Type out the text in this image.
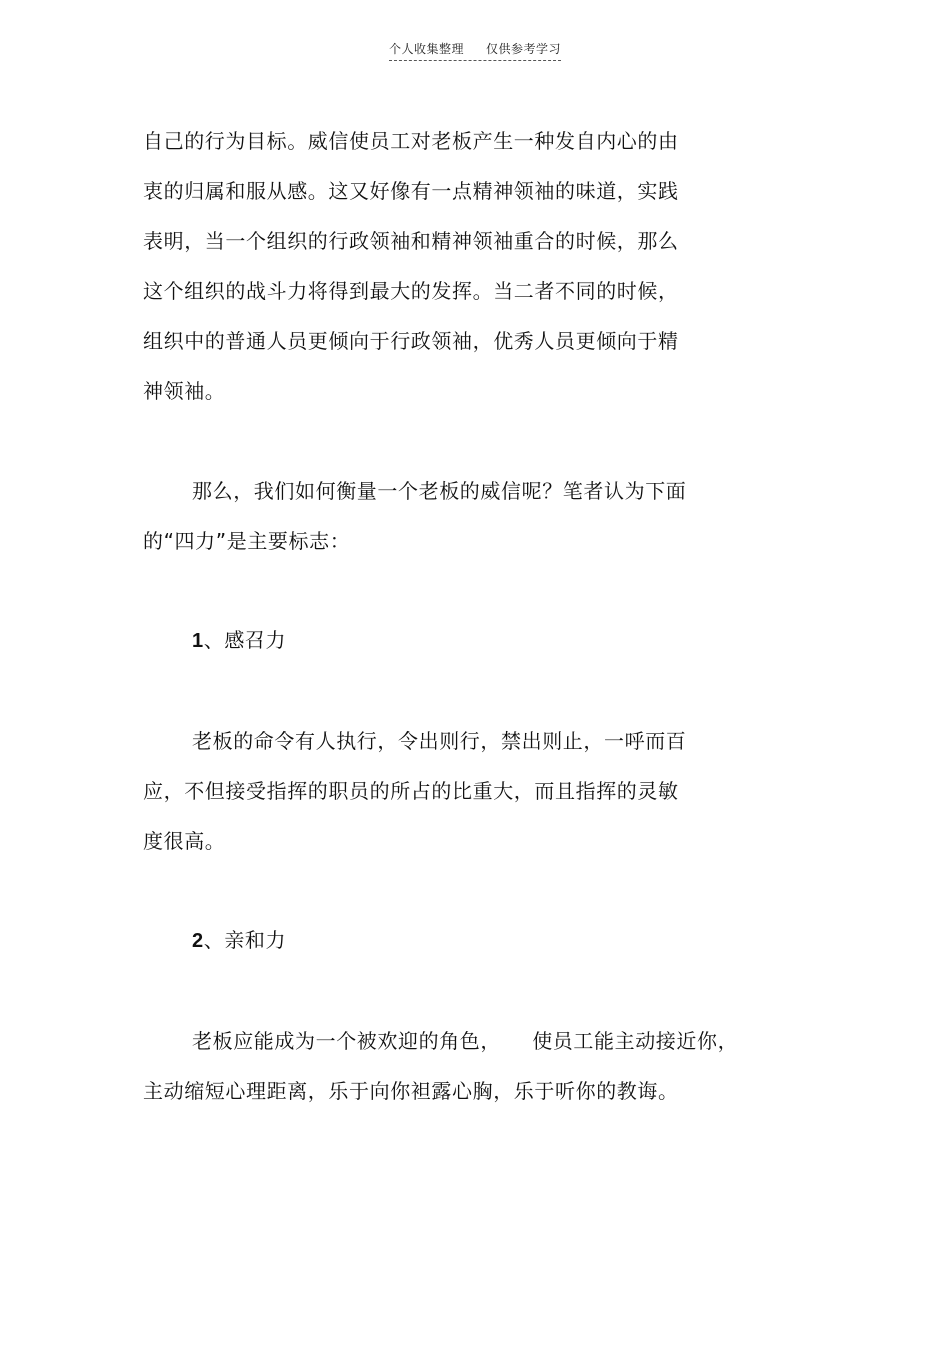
个人收集整理 仅供参考学习
自己的行为目标。威信使员工对老板产生一种发自内心的由
衷的归属和服从感。这又好像有一点精神领袖的味道，实践
表明，当一个组织的行政领袖和精神领袖重合的时候，那么
这个组织的战斗力将得到最大的发挥。当二者不同的时候，
组织中的普通人员更倾向于行政领袖，优秀人员更倾向于精
神领袖。
那么，我们如何衡量一个老板的威信呢？笔者认为下面
的“四力”是主要标志：
1、感召力
老板的命令有人执行，令出则行，禁出则止，一呼而百
应，不但接受指挥的职员的所占的比重大，而且指挥的灵敏
度很高。
2、亲和力
老板应能成为一个被欢迎的角色，　　使员工能主动接近你，
主动缩短心理距离，乐于向你袒露心胸，乐于听你的教诲。
